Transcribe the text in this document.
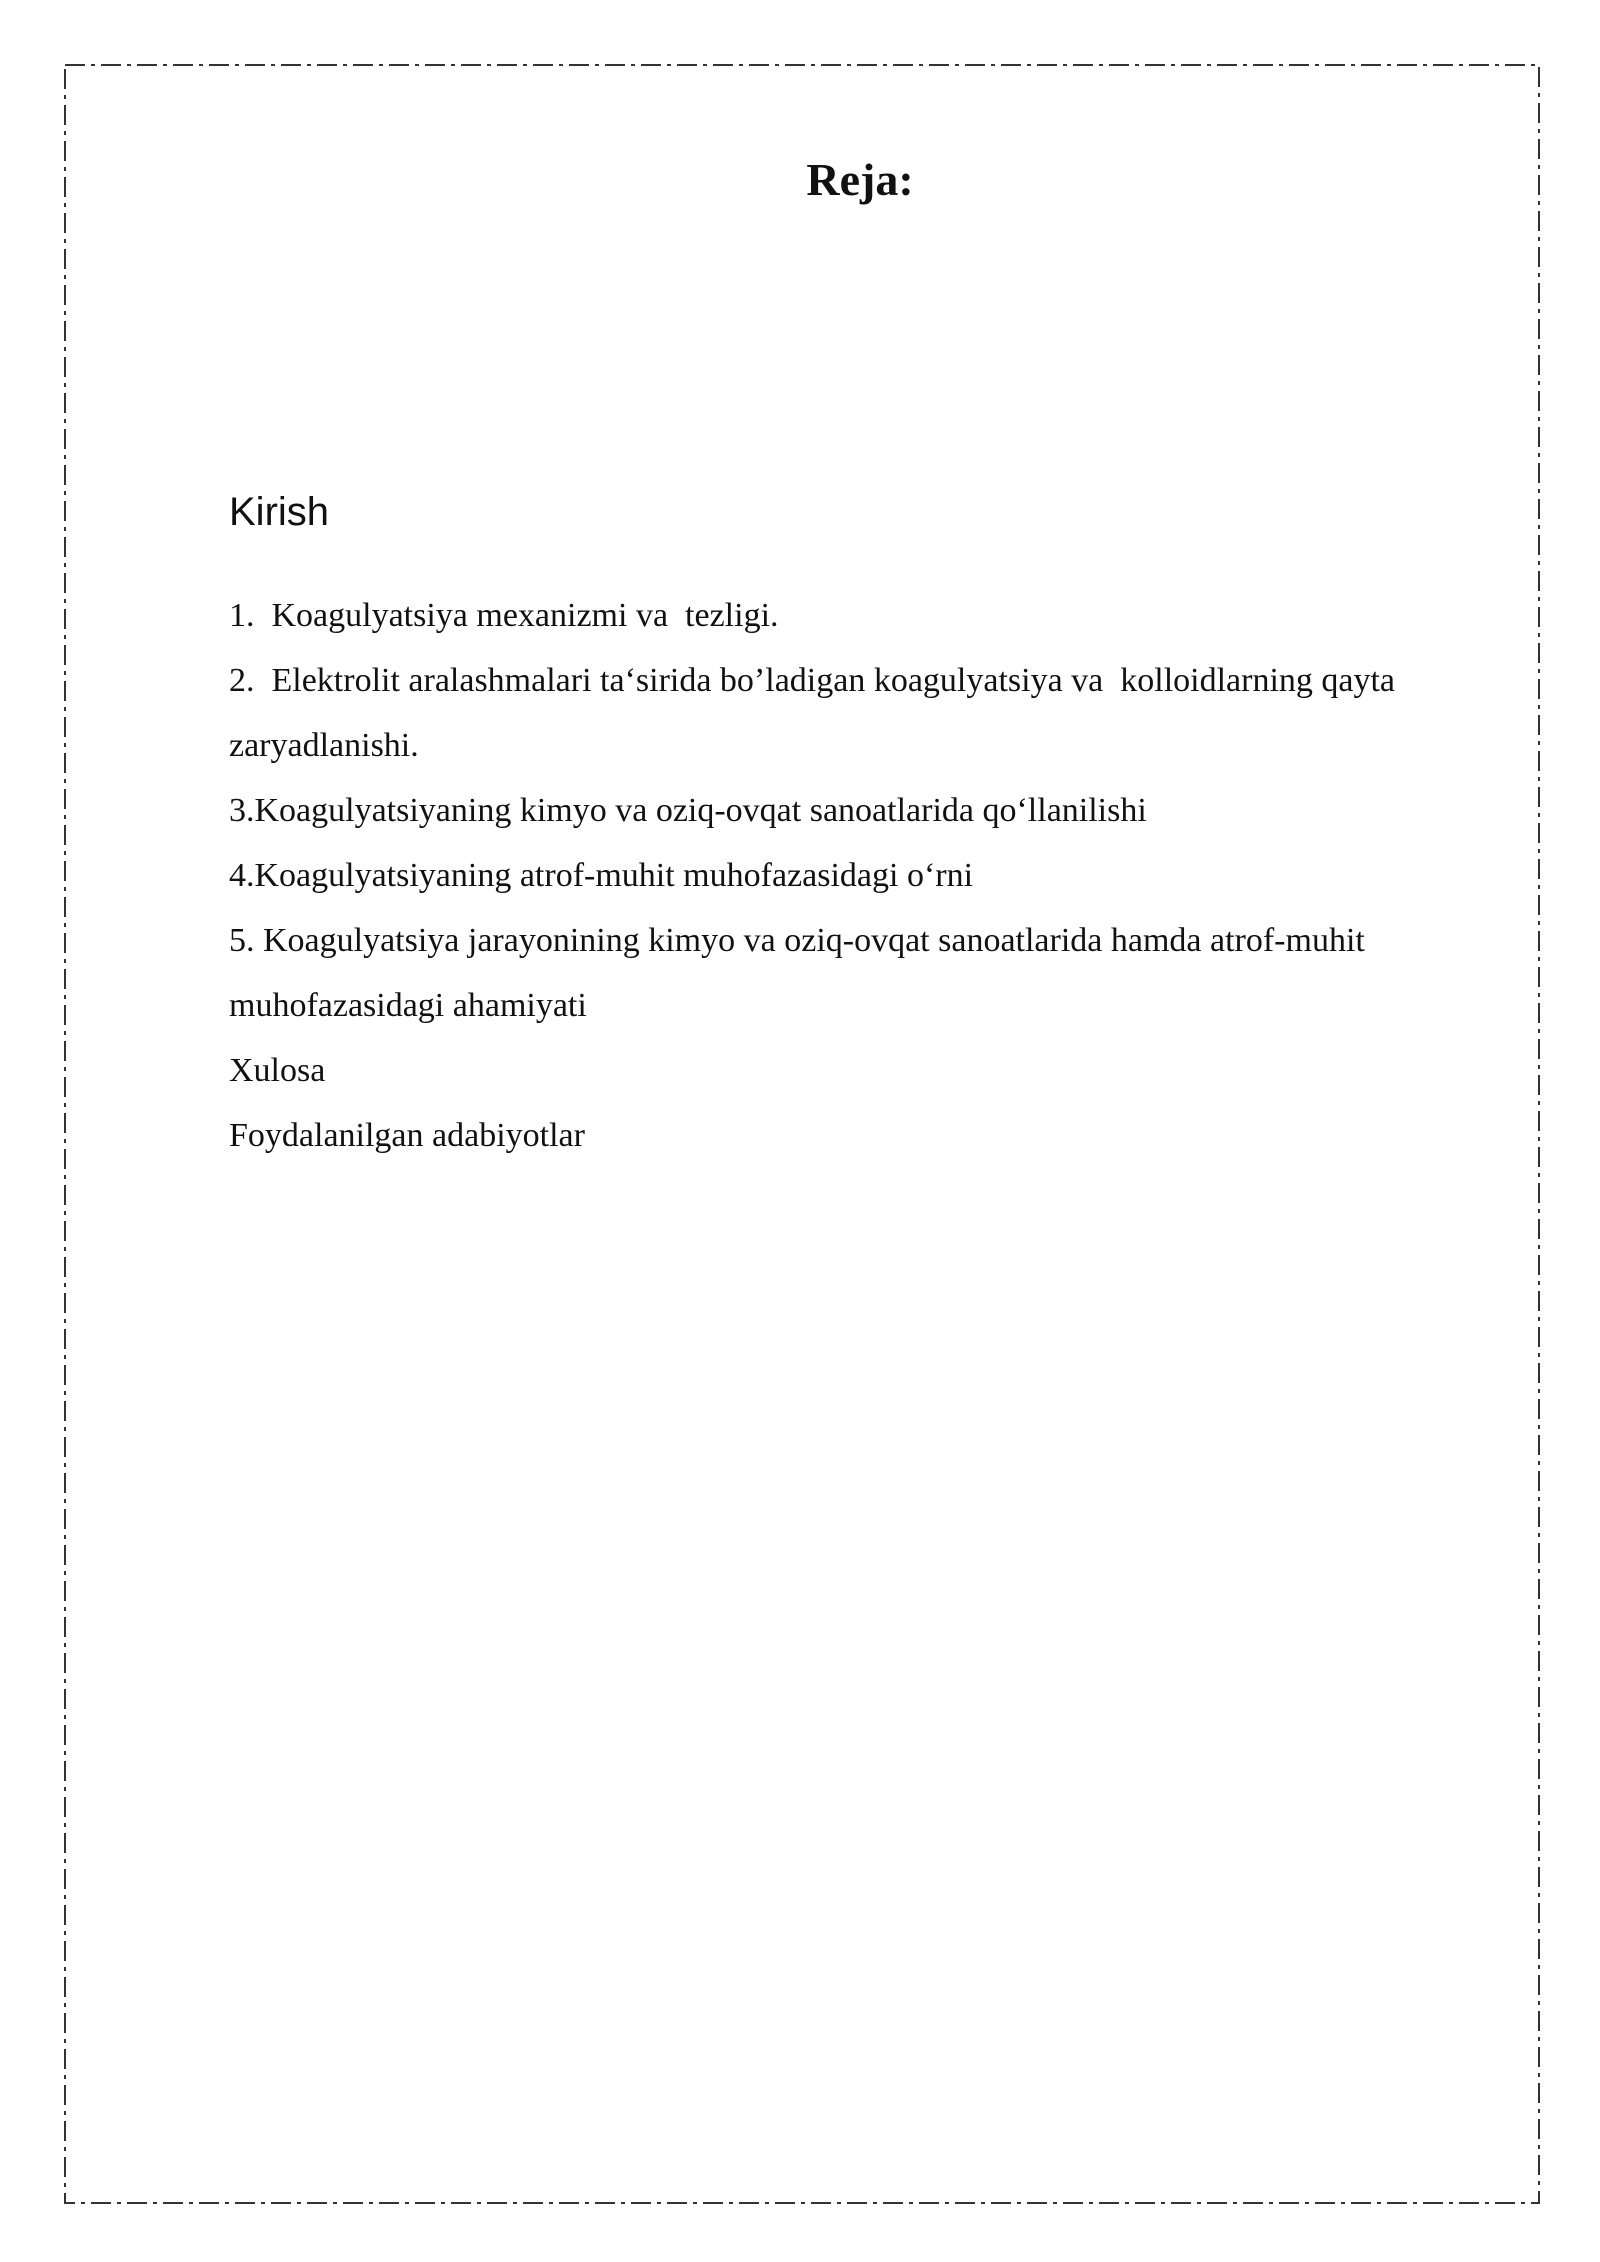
Reja:

Kirish

1.  Koagulyatsiya mexanizmi va  tezligi.
2.  Elektrolit aralashmalari ta‘sirida bo’ladigan koagulyatsiya va  kolloidlarning qayta zaryadlanishi.
3.Koagulyatsiyaning kimyo va oziq-ovqat sanoatlarida qo‘llanilishi
4.Koagulyatsiyaning atrof-muhit muhofazasidagi o‘rni
5. Koagulyatsiya jarayonining kimyo va oziq-ovqat sanoatlarida hamda atrof-muhit muhofazasidagi ahamiyati
Xulosa
Foydalanilgan adabiyotlar
